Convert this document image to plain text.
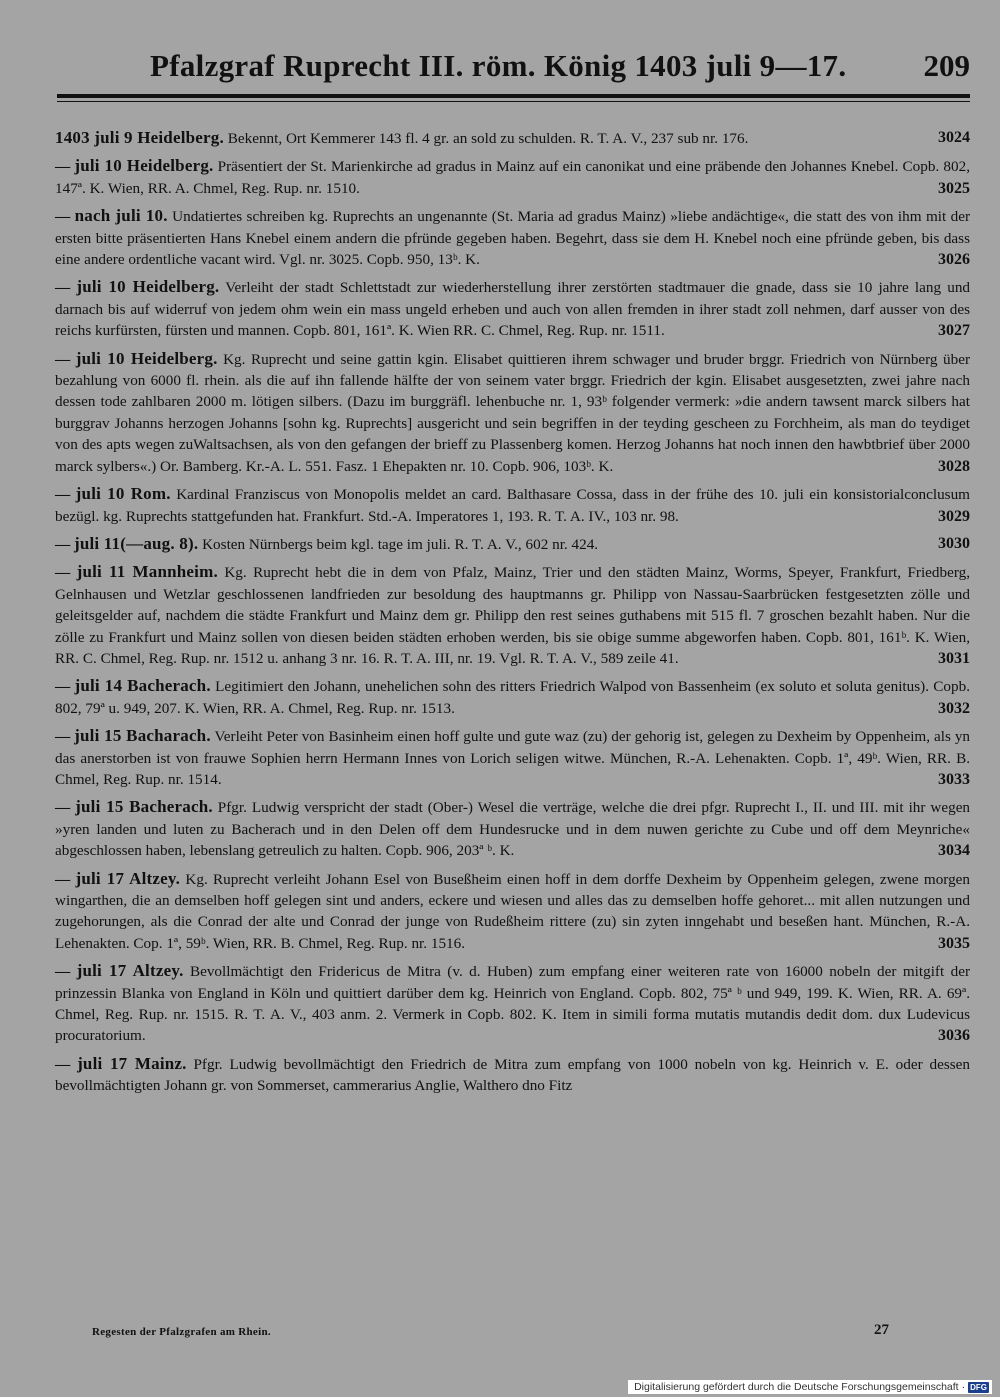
Pfalzgraf Ruprecht III. röm. König 1403 juli 9—17. 209
1403 juli 9 Heidelberg. Bekennt, Ort Kemmerer 143 fl. 4 gr. an sold zu schulden. R. T. A. V., 237 sub nr. 176.	3024
— juli 10 Heidelberg. Präsentiert der St. Marienkirche ad gradus in Mainz auf ein canonikat und eine präbende den Johannes Knebel. Copb. 802, 147ª. K. Wien, RR. A. Chmel, Reg. Rup. nr. 1510.	3025
— nach juli 10. Undatiertes schreiben kg. Ruprechts an ungenannte (St. Maria ad gradus Mainz) »liebe andächtige«, die statt des von ihm mit der ersten bitte präsentierten Hans Knebel einem andern die pfründe gegeben haben. Begehrt, dass sie dem H. Knebel noch eine pfründe geben, bis dass eine andere ordentliche vacant wird. Vgl. nr. 3025. Copb. 950, 13ᵇ. K.	3026
— juli 10 Heidelberg. Verleiht der stadt Schlettstadt zur wiederherstellung ihrer zerstörten stadtmauer die gnade, dass sie 10 jahre lang und darnach bis auf widerruf von jedem ohm wein ein mass ungeld erheben und auch von allen fremden in ihrer stadt zoll nehmen, darf ausser von des reichs kurfürsten, fürsten und mannen. Copb. 801, 161ª. K. Wien RR. C. Chmel, Reg. Rup. nr. 1511.	3027
— juli 10 Heidelberg. Kg. Ruprecht und seine gattin kgin. Elisabet quittieren ihrem schwager und bruder brggr. Friedrich von Nürnberg über bezahlung von 6000 fl. rhein. als die auf ihn fallende hälfte der von seinem vater brggr. Friedrich der kgin. Elisabet ausgesetzten, zwei jahre nach dessen tode zahlbaren 2000 m. lötigen silbers. (Dazu im burggräfl. lehenbuche nr. 1, 93ᵇ folgender vermerk: »die andern tawsent marck silbers hat burggrav Johanns herzogen Johanns [sohn kg. Ruprechts] ausgericht und sein begriffen in der teyding gescheen zu Forchheim, als man do teydiget von des apts wegen zuWaltsachsen, als von den gefangen der brieff zu Plassenberg komen. Herzog Johanns hat noch innen den hawbtbrief über 2000 marck sylbers«.) Or. Bamberg. Kr.-A. L. 551. Fasz. 1 Ehepakten nr. 10. Copb. 906, 103ᵇ. K.	3028
— juli 10 Rom. Kardinal Franziscus von Monopolis meldet an card. Balthasare Cossa, dass in der frühe des 10. juli ein konsistorialconclusum bezügl. kg. Ruprechts stattgefunden hat. Frankfurt. Std.-A. Imperatores 1, 193. R. T. A. IV., 103 nr. 98.	3029
— juli 11(—aug. 8). Kosten Nürnbergs beim kgl. tage im juli. R. T. A. V., 602 nr. 424.	3030
— juli 11 Mannheim. Kg. Ruprecht hebt die in dem von Pfalz, Mainz, Trier und den städten Mainz, Worms, Speyer, Frankfurt, Friedberg, Gelnhausen und Wetzlar geschlossenen landfrieden zur besoldung des hauptmanns gr. Philipp von Nassau-Saarbrücken festgesetzten zölle und geleitsgelder auf, nachdem die städte Frankfurt und Mainz dem gr. Philipp den rest seines guthabens mit 515 fl. 7 groschen bezahlt haben. Nur die zölle zu Frankfurt und Mainz sollen von diesen beiden städten erhoben werden, bis sie obige summe abgeworfen haben. Copb. 801, 161ᵇ. K. Wien, RR. C. Chmel, Reg. Rup. nr. 1512 u. anhang 3 nr. 16. R. T. A. III, nr. 19. Vgl. R. T. A. V., 589 zeile 41.	3031
— juli 14 Bacherach. Legitimiert den Johann, unehelichen sohn des ritters Friedrich Walpod von Bassenheim (ex soluto et soluta genitus). Copb. 802, 79ª u. 949, 207. K. Wien, RR. A. Chmel, Reg. Rup. nr. 1513.	3032
— juli 15 Bacharach. Verleiht Peter von Basinheim einen hoff gulte und gute waz (zu) der gehorig ist, gelegen zu Dexheim by Oppenheim, als yn das anerstorben ist von frauwe Sophien herrn Hermann Innes von Lorich seligen witwe. München, R.-A. Lehenakten. Copb. 1ª, 49ᵇ. Wien, RR. B. Chmel, Reg. Rup. nr. 1514.	3033
— juli 15 Bacherach. Pfgr. Ludwig verspricht der stadt (Ober-) Wesel die verträge, welche die drei pfgr. Ruprecht I., II. und III. mit ihr wegen »yren landen und luten zu Bacherach und in den Delen off dem Hundesrucke und in dem nuwen gerichte zu Cube und off dem Meynriche« abgeschlossen haben, lebenslang getreulich zu halten. Copb. 906, 203ª ᵇ. K.	3034
— juli 17 Altzey. Kg. Ruprecht verleiht Johann Esel von Buseßheim einen hoff in dem dorffe Dexheim by Oppenheim gelegen, zwene morgen wingarthen, die an demselben hoff gelegen sint und anders, eckere und wiesen und alles das zu demselben hoffe gehoret... mit allen nutzungen und zugehorungen, als die Conrad der alte und Conrad der junge von Rudeßheim rittere (zu) sin zyten inngehabt und beseßen hant. München, R.-A. Lehenakten. Cop. 1ª, 59ᵇ. Wien, RR. B. Chmel, Reg. Rup. nr. 1516.	3035
— juli 17 Altzey. Bevollmächtigt den Fridericus de Mitra (v. d. Huben) zum empfang einer weiteren rate von 16000 nobeln der mitgift der prinzessin Blanka von England in Köln und quittiert darüber dem kg. Heinrich von England. Copb. 802, 75ª ᵇ und 949, 199. K. Wien, RR. A. 69ª. Chmel, Reg. Rup. nr. 1515. R. T. A. V., 403 anm. 2. Vermerk in Copb. 802. K. Item in simili forma mutatis mutandis dedit dom. dux Ludevicus procuratorium.	3036
— juli 17 Mainz. Pfgr. Ludwig bevollmächtigt den Friedrich de Mitra zum empfang von 1000 nobeln von kg. Heinrich v. E. oder dessen bevollmächtigten Johann gr. von Sommerset, cammerarius Anglie, Walthero dno Fitz
Regesten der Pfalzgrafen am Rhein.	27
Digitalisierung gefördert durch die Deutsche Forschungsgemeinschaft · DFG
